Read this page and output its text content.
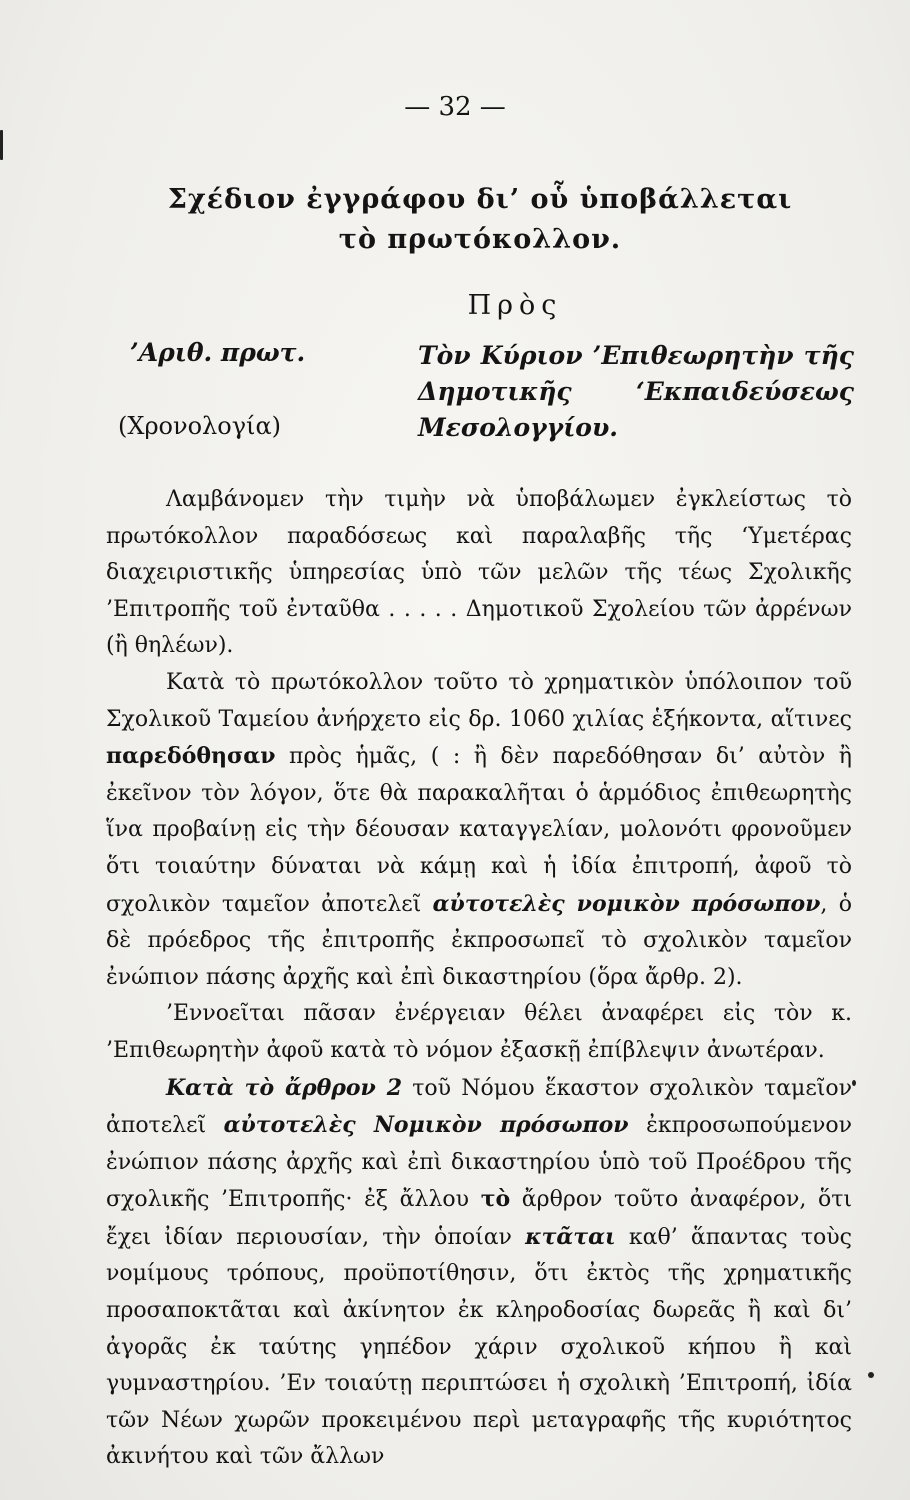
— 32 —
Σχέδιον ἐγγράφου δι’ οὗ ὑποβάλλεται
τὸ πρωτόκολλον.
Πρὸς
’Αριθ. πρωτ.
(Χρονολογία)
Τὸν Κύριον ’Επιθεωρητὴν τῆς Δημοτικῆς ‘Εκπαιδεύσεως Μεσολογγίου.

Λαμβάνομεν τὴν τιμὴν νὰ ὑποβάλωμεν ἐγκλείστως τὸ πρωτόκολλον παραδόσεως καὶ παραλαβῆς τῆς ‘Υμετέρας διαχειριστικῆς ὑπηρεσίας ὑπὸ τῶν μελῶν τῆς τέως Σχολικῆς ’Επιτροπῆς τοῦ ἐνταῦθα . . . . . Δημοτικοῦ Σχολείου τῶν ἀρρένων (ἢ θηλέων).

Κατὰ τὸ πρωτόκολλον τοῦτο τὸ χρηματικὸν ὑπόλοιπον τοῦ Σχολικοῦ Ταμείου ἀνήρχετο εἰς δρ. 1060 χιλίας ἑξήκοντα, αἵτινες παρεδόθησαν πρὸς ἡμᾶς, ( : ἢ δὲν παρεδόθησαν δι’ αὐτὸν ἢ ἐκεῖνον τὸν λόγον, ὅτε θὰ παρακαλῆται ὁ ἁρμόδιος ἐπιθεωρητὴς ἵνα προβαίνῃ εἰς τὴν δέουσαν καταγγελίαν, μολονότι φρονοῦμεν ὅτι τοιαύτην δύναται νὰ κάμῃ καὶ ἡ ἰδία ἐπιτροπή, ἀφοῦ τὸ σχολικὸν ταμεῖον ἀποτελεῖ αὐτοτελὲς νομικὸν πρόσωπον, ὁ δὲ πρόεδρος τῆς ἐπιτροπῆς ἐκπροσωπεῖ τὸ σχολικὸν ταμεῖον ἐνώπιον πάσης ἀρχῆς καὶ ἐπὶ δικαστηρίου (ὅρα ἄρθρ. 2).

’Εννοεῖται πᾶσαν ἐνέργειαν θέλει ἀναφέρει εἰς τὸν κ. ’Επιθεωρητὴν ἀφοῦ κατὰ τὸ νόμον ἐξασκῇ ἐπίβλεψιν ἀνωτέραν.

Κατὰ τὸ ἄρθρον 2 τοῦ Νόμου ἕκαστον σχολικὸν ταμεῖον ἀποτελεῖ αὐτοτελὲς Νομικὸν πρόσωπον ἐκπροσωπούμενον ἐνώπιον πάσης ἀρχῆς καὶ ἐπὶ δικαστηρίου ὑπὸ τοῦ Προέδρου τῆς σχολικῆς ’Επιτροπῆς· ἐξ ἄλλου τὸ ἄρθρον τοῦτο ἀναφέρον, ὅτι ἔχει ἰδίαν περιουσίαν, τὴν ὁποίαν κτᾶται καθ’ ἅπαντας τοὺς νομίμους τρόπους, προϋποτίθησιν, ὅτι ἐκτὸς τῆς χρηματικῆς προσαποκτᾶται καὶ ἀκίνητον ἐκ κληροδοσίας δωρεᾶς ἢ καὶ δι’ ἀγορᾶς ἐκ ταύτης γηπέδον χάριν σχολικοῦ κήπου ἢ καὶ γυμναστηρίου. ’Εν τοιαύτῃ περιπτώσει ἡ σχολικὴ ’Επιτροπή, ἰδία τῶν Νέων χωρῶν προκειμένου περὶ μεταγραφῆς τῆς κυριότητος ἀκινήτου καὶ τῶν ἄλλων
